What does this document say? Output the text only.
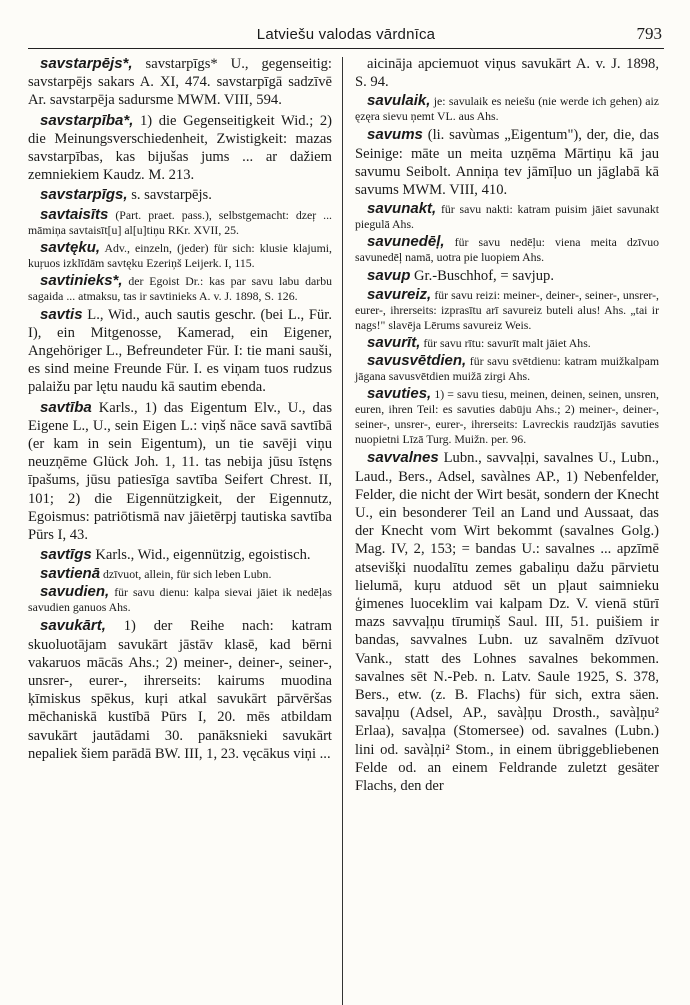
Latviešu valodas vārdnīca	793

savstarpējs*, savstarpīgs* U., gegenseitig: savstarpējs sakars A. XI, 474. savstarpīgā sadzīvē Ar. savstarpēja sadursme MWM. VIII, 594.

savstarpība*, 1) die Gegenseitigkeit Wid.; 2) die Meinungsverschiedenheit, Zwistigkeit: mazas savstarpības, kas bijušas jums ... ar dažiem zemniekiem Kaudz. M. 213.

savstarpīgs, s. savstarpējs.

savtaisīts (Part. praet. pass.), selbstgemacht: dzeŗ ... māmiņa savtaisīt[u] al[u]tiņu RKr. XVII, 25.

savtęku, Adv., einzeln, (jeder) für sich: klusie klajumi, kuŗuos izklīdām savtęku Ezeriņš Leijerk. I, 115.

savtinieks*, der Egoist Dr.: kas par savu labu darbu sagaida ... atmaksu, tas ir savtinieks A. v. J. 1898, S. 126.

savtis L., Wid., auch sautis geschr. (bei L., Für. I), ein Mitgenosse, Kamerad, ein Eigener, Angehöriger L., Befreundeter Für. I: tie mani sauši, es sind meine Freunde Für. I. es viņam tuos rudzus palaižu par lętu naudu kā sautim ebenda.

savtība Karls., 1) das Eigentum Elv., U., das Eigene L., U., sein Eigen L.: viņš nāce savā savtībā (er kam in sein Eigentum), un tie savēji viņu neuzņēme Glück Joh. 1, 11. tas nebija jūsu īstęns īpašums, jūsu patiesīga savtība Seifert Chrest. II, 101; 2) die Eigennützigkeit, der Eigennutz, Egoismus: patriōtismā nav jāietērpj tautiska savtība Pūrs I, 43.

savtīgs Karls., Wid., eigennützig, egoistisch.

savtienā dzīvuot, allein, für sich leben Lubn.

savudien, für savu dienu: kalpa sievai jāiet ik nedēļas savudien ganuos Ahs.

savukārt, 1) der Reihe nach: katram skuoluotājam savukārt jāstāv klasē, kad bērni vakaruos mācās Ahs.; 2) meiner-, deiner-, seiner-, unsrer-, eurer-, ihrerseits: kairums muodina ķīmiskus spēkus, kuŗi atkal savukārt pārvēršas mēchaniskā kustībā Pūrs I, 20. mēs atbildam savukārt jautādami 30. panāksnieki savukārt nepaliek šiem parādā BW. III, 1, 23. vęcākus viņi ...

aicināja apciemuot viņus savukārt A. v. J. 1898, S. 94.

savulaik, je: savulaik es neiešu (nie werde ich gehen) aiz ęzęra sievu ņemt VL. aus Ahs.

savums (li. savùmas „Eigentum"), der, die, das Seinige: māte un meita uzņēma Mārtiņu kā jau savumu Seibolt. Anniņa tev jāmīļuo un jāglabā kā savums MWM. VIII, 410.

savunakt, für savu nakti: katram puisim jāiet savunakt piegulā Ahs.

savunedēļ, für savu nedēļu: viena meita dzīvuo savunedēļ namā, uotra pie luopiem Ahs.

savup Gr.-Buschhof, = savjup.

savureiz, für savu reizi: meiner-, deiner-, seiner-, unsrer-, eurer-, ihrerseits: izprasītu arī savureiz buteli alus! Ahs. „tai ir nags!" slavēja Lērums savureiz Weis.

savurīt, für savu rītu: savurīt malt jāiet Ahs.

savusvētdien, für savu svētdienu: katram muižkalpam jāgana savusvētdien muižā zirgi Ahs.

savuties, 1) = savu tiesu, meinen, deinen, seinen, unsren, euren, ihren Teil: es savuties dabūju Ahs.; 2) meiner-, deiner-, seiner-, unsrer-, eurer-, ihrerseits: Lavreckis raudzījās savuties nuopietni Līzā Turg. Muižn. per. 96.

savvalnes Lubn., savvaļņi, savalnes U., Lubn., Laud., Bers., Adsel, savàlnes AP., 1) Nebenfelder, Felder, die nicht der Wirt besät, sondern der Knecht U., ein besonderer Teil an Land und Aussaat, das der Knecht vom Wirt bekommt (savalnes Golg.) Mag. IV, 2, 153; = bandas U.: savalnes ... apzīmē atsevišķi nuodalītu zemes gabaliņu dažu pārvietu lielumā, kuŗu atduod sēt un pļaut saimnieku ģimenes luoceklim vai kalpam Dz. V. vienā stūrī mazs savvaļņu tīrumiņš Saul. III, 51. puišiem ir bandas, savvalnes Lubn. uz savalnēm dzīvuot Vank., statt des Lohnes savalnes bekommen. savalnes sēt N.-Peb. n. Latv. Saule 1925, S. 378, Bers., etw. (z. B. Flachs) für sich, extra säen. savaļņu (Adsel, AP., savàļņu Drosth., savàļņu² Erlaa), savaļņa (Stomersee) od. savalnes (Lubn.) lini od. savàļņi² Stom., in einem übriggebliebenen Felde od. an einem Feldrande zuletzt gesäter Flachs, den der
